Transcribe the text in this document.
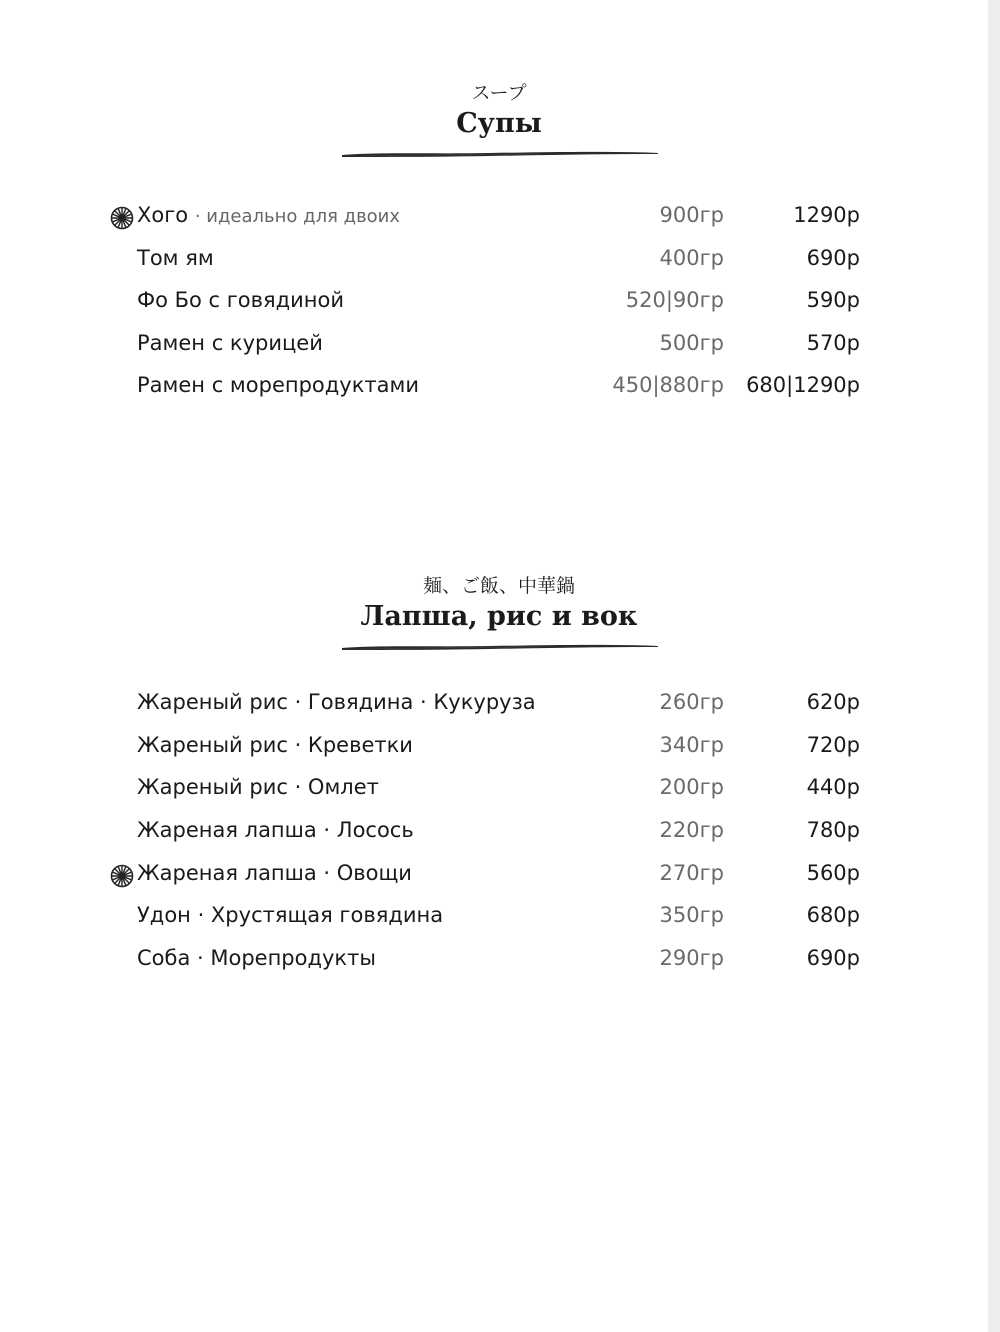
スープ
Супы
Хого · идеально для двоих	900гр	1290р
Том ям	400гр	690р
Фо Бо с говядиной	520|90гр	590р
Рамен с курицей	500гр	570р
Рамен с морепродуктами	450|880гр 680|1290р
麺、ご飯、中華鍋
Лапша, рис и вок
Жареный рис · Говядина · Кукуруза	260гр	620р
Жареный рис · Креветки	340гр	720р
Жареный рис · Омлет	200гр	440р
Жареная лапша · Лосось	220гр	780р
Жареная лапша · Овощи	270гр	560р
Удон · Хрустящая говядина	350гр	680р
Соба · Морепродукты	290гр	690р
